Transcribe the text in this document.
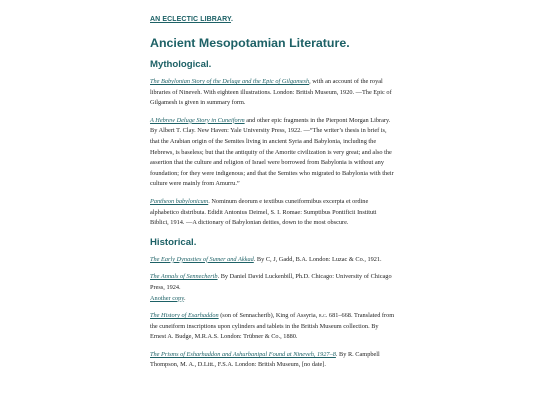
AN ECLECTIC LIBRARY.

Ancient Mesopotamian Literature.
Mythological.

The Babylonian Story of the Deluge and the Epic of Gilgamesh, with an account of the royal libraries of Nineveh. With eighteen illustrations. London: British Museum, 1920. —The Epic of Gilgamesh is given in summary form.

A Hebrew Deluge Story in Cuneiform and other epic fragments in the Pierpont Morgan Library. By Albert T. Clay. New Haven: Yale University Press, 1922. —“The writer’s thesis in brief is, that the Arabian origin of the Semites living in ancient Syria and Babylonia, including the Hebrews, is baseless; but that the antiquity of the Amorite civilization is very great; and also the assertion that the culture and religion of Israel were borrowed from Babylonia is without any foundation; for they were indigenous; and that the Semites who migrated to Babylonia with their culture were mainly from Amurru.”

Pantheon babylonicum. Nominum deorum e textibus cuneiformibus excerpta et ordine alphabetico distributa. Edidit Antonius Deimel, S. I. Romae: Sumptibus Pontificii Instituti Biblici, 1914. —A dictionary of Babylonian deities, down to the most obscure.

Historical.

The Early Dynasties of Sumer and Akkad. By C, J, Gadd, B.A. London: Luzac & Co., 1921.

The Annals of Sennecherib. By Daniel David Luckenbill, Ph.D. Chicago: University of Chicago Press, 1924.
Another copy.

The History of Esarhaddon (son of Sennacherib), King of Assyria, b.c. 681–668. Translated from the cuneiform inscriptions upon cylinders and tablets in the British Museum collection. By Ernest A. Budge, M.R.A.S. London: Trübner & Co., 1880.

The Prisms of Esharhaddon and Ashurbanipal Found at Nineveh, 1927–8. By R. Campbell Thompson, M. A., D.Litt., F.S.A. London: British Museum, [no date].
